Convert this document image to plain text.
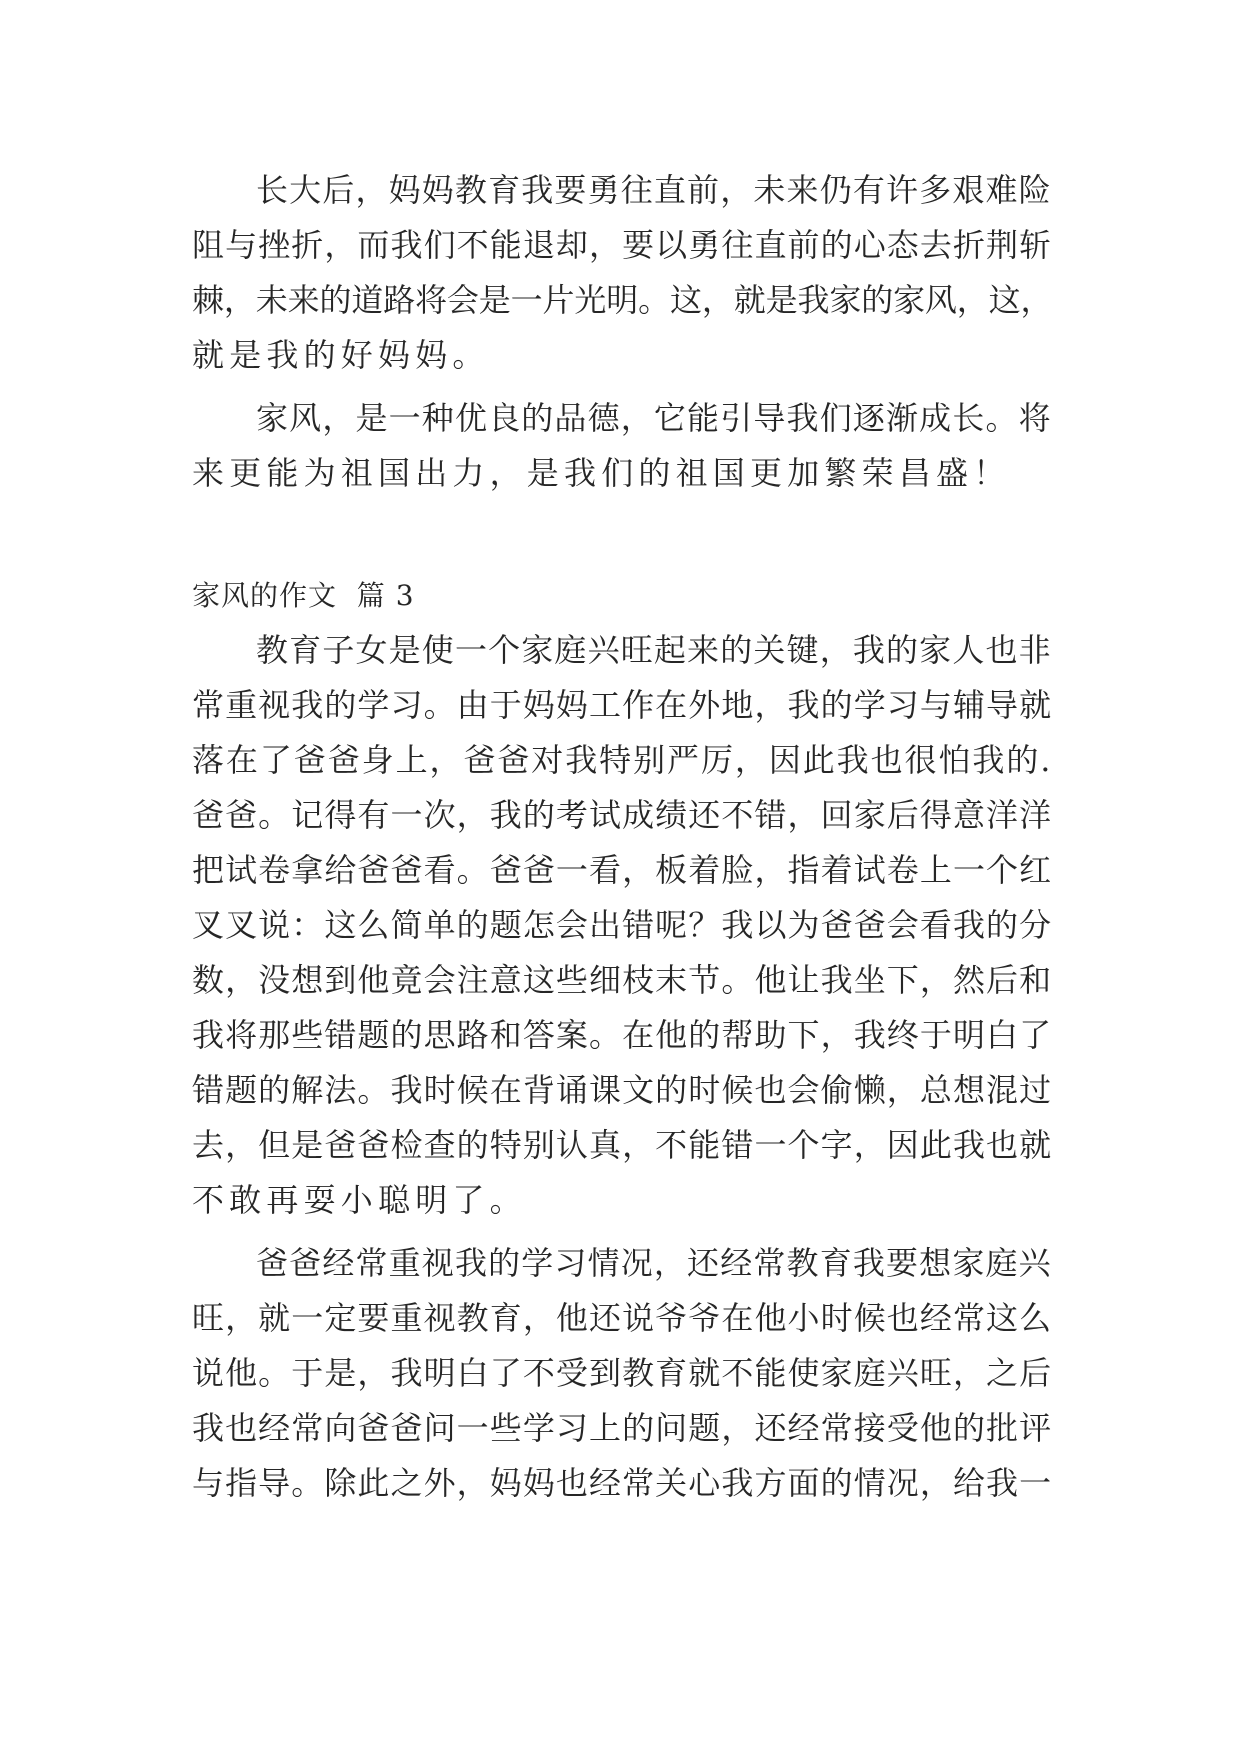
长大后，妈妈教育我要勇往直前，未来仍有许多艰难险
阻与挫折，而我们不能退却，要以勇往直前的心态去折荆斩
棘，未来的道路将会是一片光明。这，就是我家的家风，这，
就是我的好妈妈。
家风，是一种优良的品德，它能引导我们逐渐成长。将
来更能为祖国出力，是我们的祖国更加繁荣昌盛！
家风的作文  篇 3
教育子女是使一个家庭兴旺起来的关键，我的家人也非
常重视我的学习。由于妈妈工作在外地，我的学习与辅导就
落在了爸爸身上，爸爸对我特别严厉，因此我也很怕我的.
爸爸。记得有一次，我的考试成绩还不错，回家后得意洋洋
把试卷拿给爸爸看。爸爸一看，板着脸，指着试卷上一个红
叉叉说：这么简单的题怎会出错呢？我以为爸爸会看我的分
数，没想到他竟会注意这些细枝末节。他让我坐下，然后和
我将那些错题的思路和答案。在他的帮助下，我终于明白了
错题的解法。我时候在背诵课文的时候也会偷懒，总想混过
去，但是爸爸检查的特别认真，不能错一个字，因此我也就
不敢再耍小聪明了。
爸爸经常重视我的学习情况，还经常教育我要想家庭兴
旺，就一定要重视教育，他还说爷爷在他小时候也经常这么
说他。于是，我明白了不受到教育就不能使家庭兴旺，之后
我也经常向爸爸问一些学习上的问题，还经常接受他的批评
与指导。除此之外，妈妈也经常关心我方面的情况，给我一
